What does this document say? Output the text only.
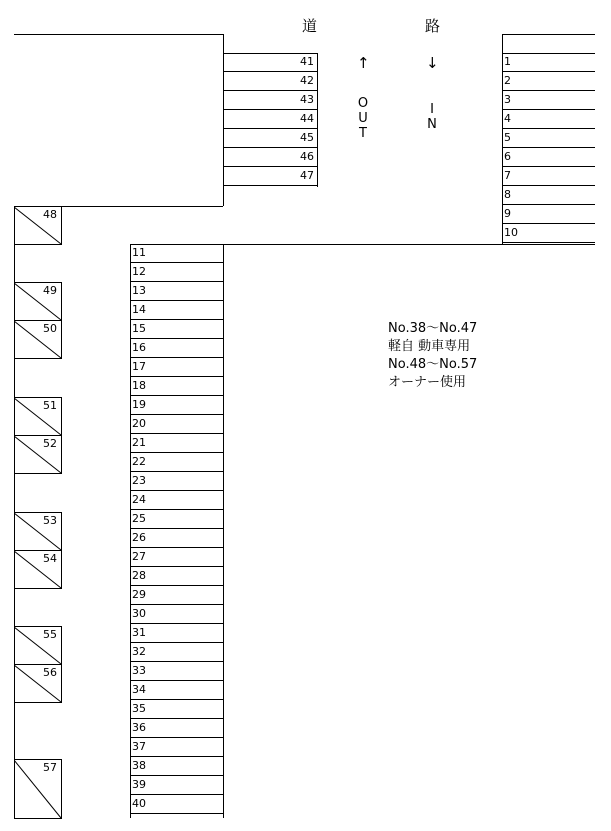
道	路
41
42
43
44
45
46
47
1
2
3
4
5
6
7
8
9
10
11
12
13
14
15
16
17
18
19
20
21
22
23
24
25
26
27
28
29
30
31
32
33
34
35
36
37
38
39
40
48
49
50
51
52
53
54
55
56
57
↑
O
U
T
↓
I
N
No.38～No.47
軽自 動車専用
No.48～No.57
オーナー使用
